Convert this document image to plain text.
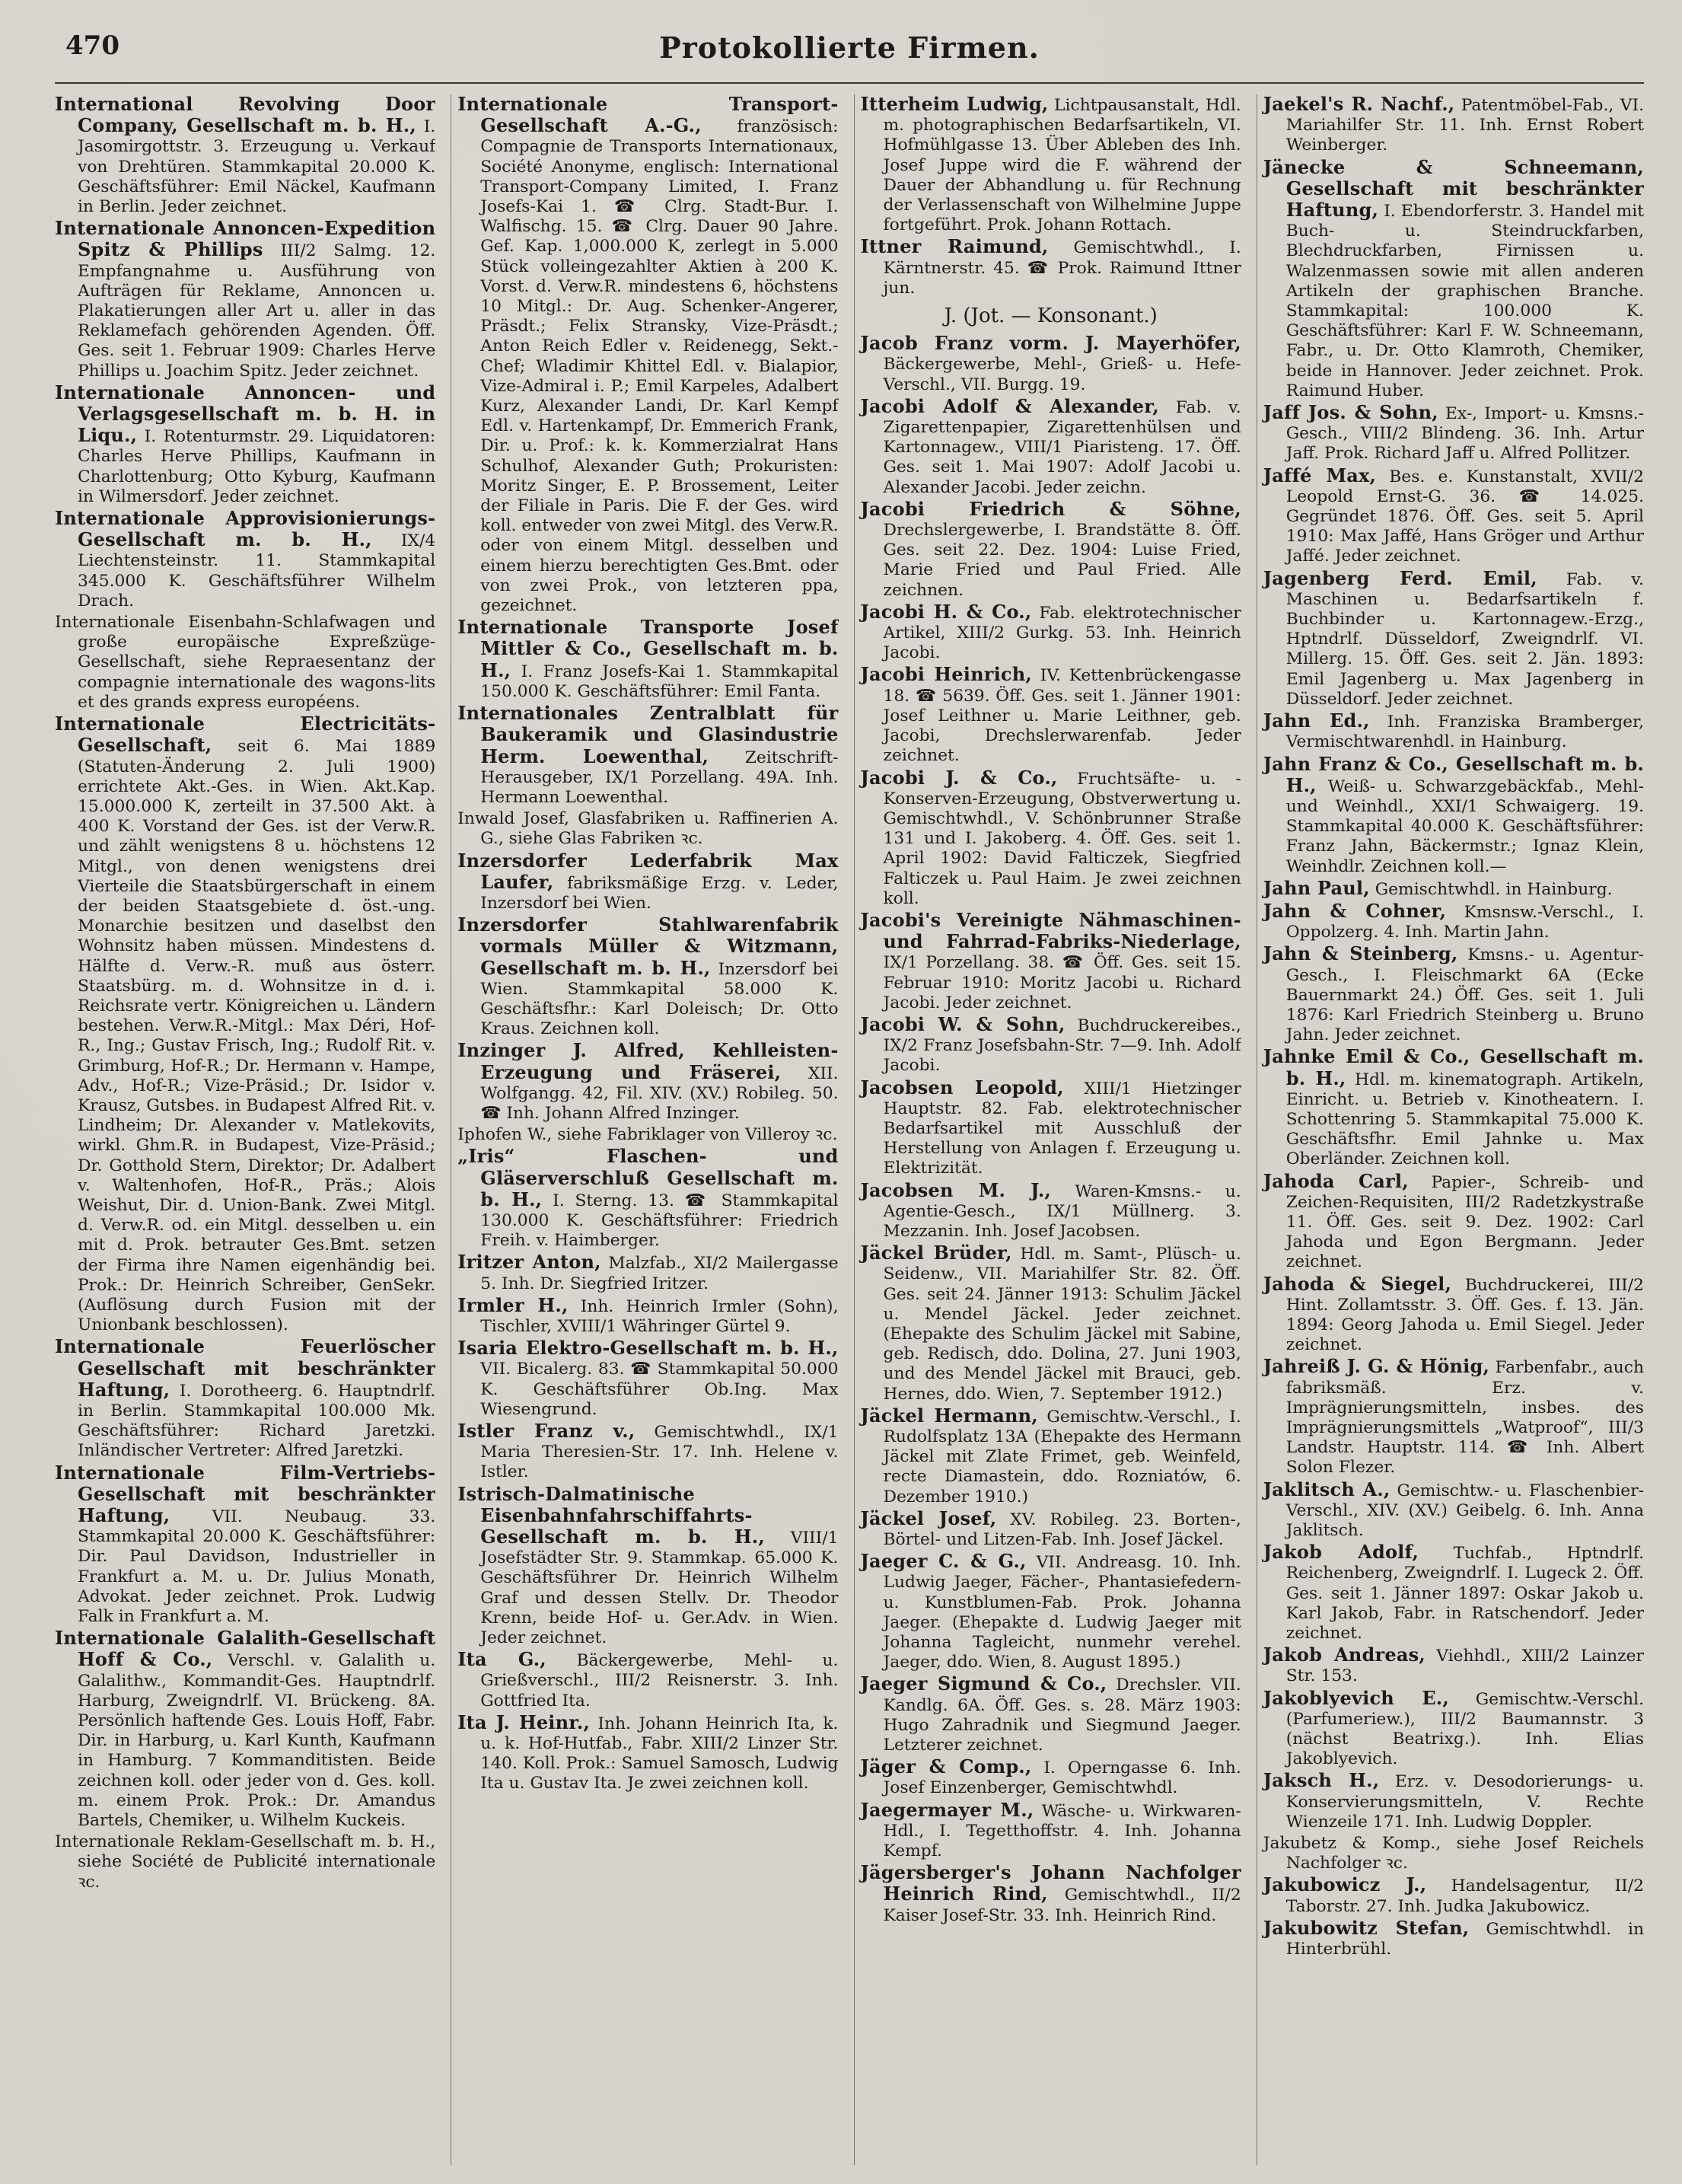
470	Protokollierte Firmen.
International Revolving Door Company, Gesellschaft m. b. H., I. Jasomirgottstr. 3. Erzeugung u. Verkauf von Drehtüren. Stammkapital 20.000 K. Geschäftsführer: Emil Näckel, Kaufmann in Berlin. Jeder zeichnet.
Internationale Annoncen-Expedition Spitz & Phillips III/2 Salmg. 12. Empfangnahme u. Ausführung von Aufträgen für Reklame, Annoncen u. Plakatierungen aller Art u. aller in das Reklamefach gehörenden Agenden. Öff. Ges. seit 1. Februar 1909: Charles Herve Phillips u. Joachim Spitz. Jeder zeichnet.
Internationale Annoncen- und Verlagsgesellschaft m. b. H. in Liqu., I. Rotenturmstr. 29. Liquidatoren: Charles Herve Phillips, Kaufmann in Charlottenburg; Otto Kyburg, Kaufmann in Wilmersdorf. Jeder zeichnet.
Internationale Approvisionierungs-Gesellschaft m. b. H., IX/4 Liechtensteinstr. 11. Stammkapital 345.000 K. Geschäftsführer Wilhelm Drach.
Internationale Eisenbahn-Schlafwagen und große europäische Expreßzüge-Gesellschaft, siehe Repraesentanz der compagnie internationale des wagons-lits et des grands express européens.
Internationale Electricitäts-Gesellschaft, seit 6. Mai 1889 (Statuten-Änderung 2. Juli 1900) errichtete Akt.-Ges. in Wien. Akt.Kap. 15.000.000 K, zerteilt in 37.500 Akt. à 400 K. Vorstand der Ges. ist der Verw.R. und zählt wenigstens 8 u. höchstens 12 Mitgl., von denen wenigstens drei Vierteile die Staatsbürgerschaft in einem der beiden Staatsgebiete d. öst.-ung. Monarchie besitzen und daselbst den Wohnsitz haben müssen. Mindestens d. Hälfte d. Verw.-R. muß aus österr. Staatsbürg. m. d. Wohnsitze in d. i. Reichsrate vertr. Königreichen u. Ländern bestehen. Verw.R.-Mitgl.: Max Déri, Hof-R., Ing.; Gustav Frisch, Ing.; Rudolf Rit. v. Grimburg, Hof-R.; Dr. Hermann v. Hampe, Adv., Hof-R.; Vize-Präsid.; Dr. Isidor v. Krausz, Gutsbes. in Budapest Alfred Rit. v. Lindheim; Dr. Alexander v. Matlekovits, wirkl. Ghm.R. in Budapest, Vize-Präsid.; Dr. Gotthold Stern, Direktor; Dr. Adalbert v. Waltenhofen, Hof-R., Präs.; Alois Weishut, Dir. d. Union-Bank. Zwei Mitgl. d. Verw.R. od. ein Mitgl. desselben u. ein mit d. Prok. betrauter Ges.Bmt. setzen der Firma ihre Namen eigenhändig bei. Prok.: Dr. Heinrich Schreiber, GenSekr. (Auflösung durch Fusion mit der Unionbank beschlossen).
Internationale Feuerlöscher Gesellschaft mit beschränkter Haftung, I. Dorotheerg. 6. Hauptndrlf. in Berlin. Stammkapital 100.000 Mk. Geschäftsführer: Richard Jaretzki. Inländischer Vertreter: Alfred Jaretzki.
Internationale Film-Vertriebs-Gesellschaft mit beschränkter Haftung,	VII. Neubaug. 33. Stammkapital 20.000 K. Geschäftsführer: Dir. Paul Davidson, Industrieller in Frankfurt a. M. u. Dr. Julius Monath, Advokat. Jeder zeichnet. Prok. Ludwig Falk in Frankfurt a. M.
Internationale Galalith-Gesellschaft Hoff & Co., Verschl. v. Galalith u. Galalithw., Kommandit-Ges. Hauptndrlf. Harburg, Zweigndrlf. VI. Brückeng. 8A. Persönlich haftende Ges. Louis Hoff, Fabr. Dir. in Harburg, u. Karl Kunth, Kaufmann in Hamburg. 7 Kommanditisten. Beide zeichnen koll. oder jeder von d. Ges. koll. m. einem Prok. Prok.: Dr. Amandus Bartels, Chemiker, u. Wilhelm Kuckeis.
Internationale Reklam-Gesellschaft m. b. H., siehe Société de Publicité internationale ꝛc.
Internationale Transport-Gesellschaft A.-G., französisch: Compagnie de Transports Internationaux, Société Anonyme, englisch: International Transport-Company Limited, I. Franz Josefs-Kai 1. ☎ Clrg. Stadt-Bur. I. Walfischg. 15. ☎ Clrg. Dauer 90 Jahre. Gef. Kap. 1,000.000 K, zerlegt in 5.000 Stück volleingezahlter Aktien à 200 K. Vorst. d. Verw.R. mindestens 6, höchstens 10 Mitgl.: Dr. Aug. Schenker-Angerer, Präsdt.; Felix Stransky, Vize-Präsdt.; Anton Reich Edler v. Reidenegg, Sekt.-Chef; Wladimir Khittel Edl. v. Bialapior, Vize-Admiral i. P.; Emil Karpeles, Adalbert Kurz, Alexander Landi, Dr. Karl Kempf Edl. v. Hartenkampf, Dr. Emmerich Frank, Dir. u. Prof.: k. k. Kommerzialrat Hans Schulhof, Alexander Guth; Prokuristen: Moritz Singer, E. P. Brossement, Leiter der Filiale in Paris. Die F. der Ges. wird koll. entweder von zwei Mitgl. des Verw.R. oder von einem Mitgl. desselben und einem hierzu berechtigten Ges.Bmt. oder von zwei Prok., von letzteren ppa, gezeichnet.
Internationale Transporte Josef Mittler & Co., Gesellschaft m. b. H., I. Franz Josefs-Kai 1. Stammkapital 150.000 K. Geschäftsführer: Emil Fanta.
Internationales Zentralblatt für Baukeramik und Glasindustrie Herm. Loewenthal, Zeitschrift-Herausgeber, IX/1 Porzellang. 49A. Inh. Hermann Loewenthal.
Inwald Josef, Glasfabriken u. Raffinerien A. G., siehe Glas Fabriken ꝛc.
Inzersdorfer Lederfabrik Max Laufer, fabriksmäßige Erzg. v. Leder, Inzersdorf bei Wien.
Inzersdorfer Stahlwarenfabrik vormals Müller & Witzmann, Gesellschaft m. b. H., Inzersdorf bei Wien. Stammkapital 58.000 K. Geschäftsfhr.: Karl Doleisch; Dr. Otto Kraus. Zeichnen koll.
Inzinger J. Alfred, Kehlleisten-Erzeugung und Fräserei, XII. Wolfgangg. 42, Fil. XIV. (XV.) Robileg. 50. ☎ Inh. Johann Alfred Inzinger.
Iphofen W., siehe Fabriklager von Villeroy ꝛc.
„Iris“ Flaschen- und Gläserverschluß Gesellschaft m. b. H., I. Sterng. 13. ☎ Stammkapital 130.000 K. Geschäftsführer: Friedrich Freih. v. Haimberger.
Iritzer Anton, Malzfab., XI/2 Mailergasse 5. Inh. Dr. Siegfried Iritzer.
Irmler H., Inh. Heinrich Irmler (Sohn), Tischler, XVIII/1 Währinger Gürtel 9.
Isaria Elektro-Gesellschaft m. b. H., VII. Bicalerg. 83. ☎ Stammkapital 50.000 K. Geschäftsführer Ob.Ing. Max Wiesengrund.
Istler Franz v., Gemischtwhdl., IX/1 Maria Theresien-Str. 17. Inh. Helene v. Istler.
Istrisch-Dalmatinische Eisenbahnfahrschiffahrts-Gesellschaft m. b. H., VIII/1 Josefstädter Str. 9. Stammkap. 65.000 K. Geschäftsführer Dr. Heinrich Wilhelm Graf und dessen Stellv. Dr. Theodor Krenn, beide Hof- u. Ger.Adv. in Wien. Jeder zeichnet.
Ita G., Bäckergewerbe, Mehl- u. Grießverschl., III/2 Reisnerstr. 3. Inh. Gottfried Ita.
Ita J. Heinr., Inh. Johann Heinrich Ita, k. u. k. Hof-Hutfab., Fabr. XIII/2 Linzer Str. 140. Koll. Prok.: Samuel Samosch, Ludwig Ita u. Gustav Ita. Je zwei zeichnen koll.
Itterheim Ludwig, Lichtpausanstalt, Hdl. m. photographischen Bedarfsartikeln, VI. Hofmühlgasse 13. Über Ableben des Inh. Josef Juppe wird die F. während der Dauer der Abhandlung u. für Rechnung der Verlassenschaft von Wilhelmine Juppe fortgeführt. Prok. Johann Rottach.
Ittner Raimund, Gemischtwhdl., I. Kärntnerstr. 45. ☎ Prok. Raimund Ittner jun.
J. (Jot. — Konsonant.)
Jacob Franz vorm. J. Mayerhöfer, Bäckergewerbe, Mehl-, Grieß- u. Hefe-Verschl., VII. Burgg. 19.
Jacobi Adolf & Alexander, Fab. v. Zigarettenpapier, Zigarettenhülsen und Kartonnagew., VIII/1 Piaristeng. 17. Öff. Ges. seit 1. Mai 1907: Adolf Jacobi u. Alexander Jacobi. Jeder zeichn.
Jacobi Friedrich & Söhne, Drechslergewerbe, I. Brandstätte 8. Öff. Ges. seit 22. Dez. 1904: Luise Fried, Marie Fried und Paul Fried. Alle zeichnen.
Jacobi H. & Co., Fab. elektrotechnischer Artikel, XIII/2 Gurkg. 53. Inh. Heinrich Jacobi.
Jacobi Heinrich, IV. Kettenbrückengasse 18. ☎ 5639. Öff. Ges. seit 1. Jänner 1901: Josef Leithner u. Marie Leithner, geb. Jacobi, Drechslerwarenfab. Jeder zeichnet.
Jacobi J. & Co., Fruchtsäfte- u. -Konserven-Erzeugung, Obstverwertung u. Gemischtwhdl., V. Schönbrunner Straße 131 und I. Jakoberg. 4. Öff. Ges. seit 1. April 1902: David Falticzek, Siegfried Falticzek u. Paul Haim. Je zwei zeichnen koll.
Jacobi's Vereinigte Nähmaschinen- und Fahrrad-Fabriks-Niederlage, IX/1 Porzellang. 38. ☎ Öff. Ges. seit 15. Februar 1910: Moritz Jacobi u. Richard Jacobi. Jeder zeichnet.
Jacobi W. & Sohn, Buchdruckereibes., IX/2 Franz Josefsbahn-Str. 7—9. Inh. Adolf Jacobi.
Jacobsen Leopold, XIII/1 Hietzinger Hauptstr. 82. Fab. elektrotechnischer Bedarfsartikel mit Ausschluß der Herstellung von Anlagen f. Erzeugung u. Elektrizität.
Jacobsen M. J., Waren-Kmsns.- u. Agentie-Gesch., IX/1 Müllnerg. 3. Mezzanin. Inh. Josef Jacobsen.
Jäckel Brüder, Hdl. m. Samt-, Plüsch- u. Seidenw., VII. Mariahilfer Str. 82. Öff. Ges. seit 24. Jänner 1913: Schulim Jäckel u. Mendel Jäckel. Jeder zeichnet. (Ehepakte des Schulim Jäckel mit Sabine, geb. Redisch, ddo. Dolina, 27. Juni 1903, und des Mendel Jäckel mit Brauci, geb. Hernes, ddo. Wien, 7. September 1912.)
Jäckel Hermann, Gemischtw.-Verschl., I. Rudolfsplatz 13A (Ehepakte des Hermann Jäckel mit Zlate Frimet, geb. Weinfeld, recte Diamastein, ddo. Rozniatów, 6. Dezember 1910.)
Jäckel Josef, XV. Robileg. 23. Borten-, Börtel- und Litzen-Fab. Inh. Josef Jäckel.
Jaeger C. & G., VII. Andreasg. 10. Inh. Ludwig Jaeger, Fächer-, Phantasiefedern- u. Kunstblumen-Fab. Prok. Johanna Jaeger. (Ehepakte d. Ludwig Jaeger mit Johanna Tagleicht, nunmehr verehel. Jaeger, ddo. Wien, 8. August 1895.)
Jaeger Sigmund & Co., Drechsler. VII. Kandlg. 6A. Öff. Ges. s. 28. März 1903: Hugo Zahradnik und Siegmund Jaeger. Letzterer zeichnet.
Jäger & Comp., I. Operngasse 6. Inh. Josef Einzenberger, Gemischtwhdl.
Jaegermayer M., Wäsche- u. Wirkwaren-Hdl., I. Tegetthoffstr. 4. Inh. Johanna Kempf.
Jägersberger's Johann Nachfolger Heinrich Rind, Gemischtwhdl., II/2 Kaiser Josef-Str. 33. Inh. Heinrich Rind.
Jaekel's R. Nachf., Patentmöbel-Fab., VI. Mariahilfer Str. 11. Inh. Ernst Robert Weinberger.
Jänecke & Schneemann, Gesellschaft mit beschränkter Haftung, I. Ebendorferstr. 3. Handel mit Buch- u. Steindruckfarben, Blechdruckfarben, Firnissen u. Walzenmassen sowie mit allen anderen Artikeln der graphischen Branche. Stammkapital: 100.000 K. Geschäftsführer: Karl F. W. Schneemann, Fabr., u. Dr. Otto Klamroth, Chemiker, beide in Hannover. Jeder zeichnet. Prok. Raimund Huber.
Jaff Jos. & Sohn, Ex-, Import- u. Kmsns.-Gesch., VIII/2 Blindeng. 36. Inh. Artur Jaff. Prok. Richard Jaff u. Alfred Pollitzer.
Jaffé Max, Bes. e. Kunstanstalt, XVII/2 Leopold Ernst-G. 36. ☎ 14.025. Gegründet 1876. Öff. Ges. seit 5. April 1910: Max Jaffé, Hans Gröger und Arthur Jaffé. Jeder zeichnet.
Jagenberg Ferd. Emil, Fab. v. Maschinen u. Bedarfsartikeln f. Buchbinder u. Kartonnagew.-Erzg., Hptndrlf. Düsseldorf, Zweigndrlf. VI. Millerg. 15. Öff. Ges. seit 2. Jän. 1893: Emil Jagenberg u. Max Jagenberg in Düsseldorf. Jeder zeichnet.
Jahn Ed., Inh. Franziska Bramberger, Vermischtwarenhdl. in Hainburg.
Jahn Franz & Co., Gesellschaft m. b. H., Weiß- u. Schwarzgebäckfab., Mehl- und Weinhdl., XXI/1 Schwaigerg. 19. Stammkapital 40.000 K. Geschäftsführer: Franz Jahn, Bäckermstr.; Ignaz Klein, Weinhdlr. Zeichnen koll.—
Jahn Paul, Gemischtwhdl. in Hainburg.
Jahn & Cohner, Kmsnsw.-Verschl., I. Oppolzerg. 4. Inh. Martin Jahn.
Jahn & Steinberg, Kmsns.- u. Agentur-Gesch., I. Fleischmarkt 6A (Ecke Bauernmarkt 24.) Öff. Ges. seit 1. Juli 1876: Karl Friedrich Steinberg u. Bruno Jahn. Jeder zeichnet.
Jahnke Emil & Co., Gesellschaft m. b. H., Hdl. m. kinematograph. Artikeln, Einricht. u. Betrieb v. Kinotheatern. I. Schottenring 5. Stammkapital 75.000 K. Geschäftsfhr. Emil Jahnke u. Max Oberländer. Zeichnen koll.
Jahoda Carl, Papier-, Schreib- und Zeichen-Requisiten, III/2 Radetzkystraße 11. Öff. Ges. seit 9. Dez. 1902: Carl Jahoda und Egon Bergmann. Jeder zeichnet.
Jahoda & Siegel, Buchdruckerei, III/2 Hint. Zollamtsstr. 3. Öff. Ges. f. 13. Jän. 1894: Georg Jahoda u. Emil Siegel. Jeder zeichnet.
Jahreiß J. G. & Hönig, Farbenfabr., auch fabriksmäß. Erz. v. Imprägnierungsmitteln, insbes. des Imprägnierungsmittels „Watproof“, III/3 Landstr. Hauptstr. 114. ☎ Inh. Albert Solon Flezer.
Jaklitsch A., Gemischtw.- u. Flaschenbier-Verschl., XIV. (XV.) Geibelg. 6. Inh. Anna Jaklitsch.
Jakob Adolf, Tuchfab., Hptndrlf. Reichenberg, Zweigndrlf. I. Lugeck 2. Öff. Ges. seit 1. Jänner 1897: Oskar Jakob u. Karl Jakob, Fabr. in Ratschendorf. Jeder zeichnet.
Jakob Andreas, Viehhdl., XIII/2 Lainzer Str. 153.
Jakoblyevich E., Gemischtw.-Verschl. (Parfumeriew.), III/2 Baumannstr. 3 (nächst Beatrixg.). Inh. Elias Jakoblyevich.
Jaksch H., Erz. v. Desodorierungs- u. Konservierungsmitteln, V. Rechte Wienzeile 171. Inh. Ludwig Doppler.
Jakubetz & Komp., siehe Josef Reichels Nachfolger ꝛc.
Jakubowicz J., Handelsagentur, II/2 Taborstr. 27. Inh. Judka Jakubowicz.
Jakubowitz Stefan, Gemischtwhdl. in Hinterbrühl.
